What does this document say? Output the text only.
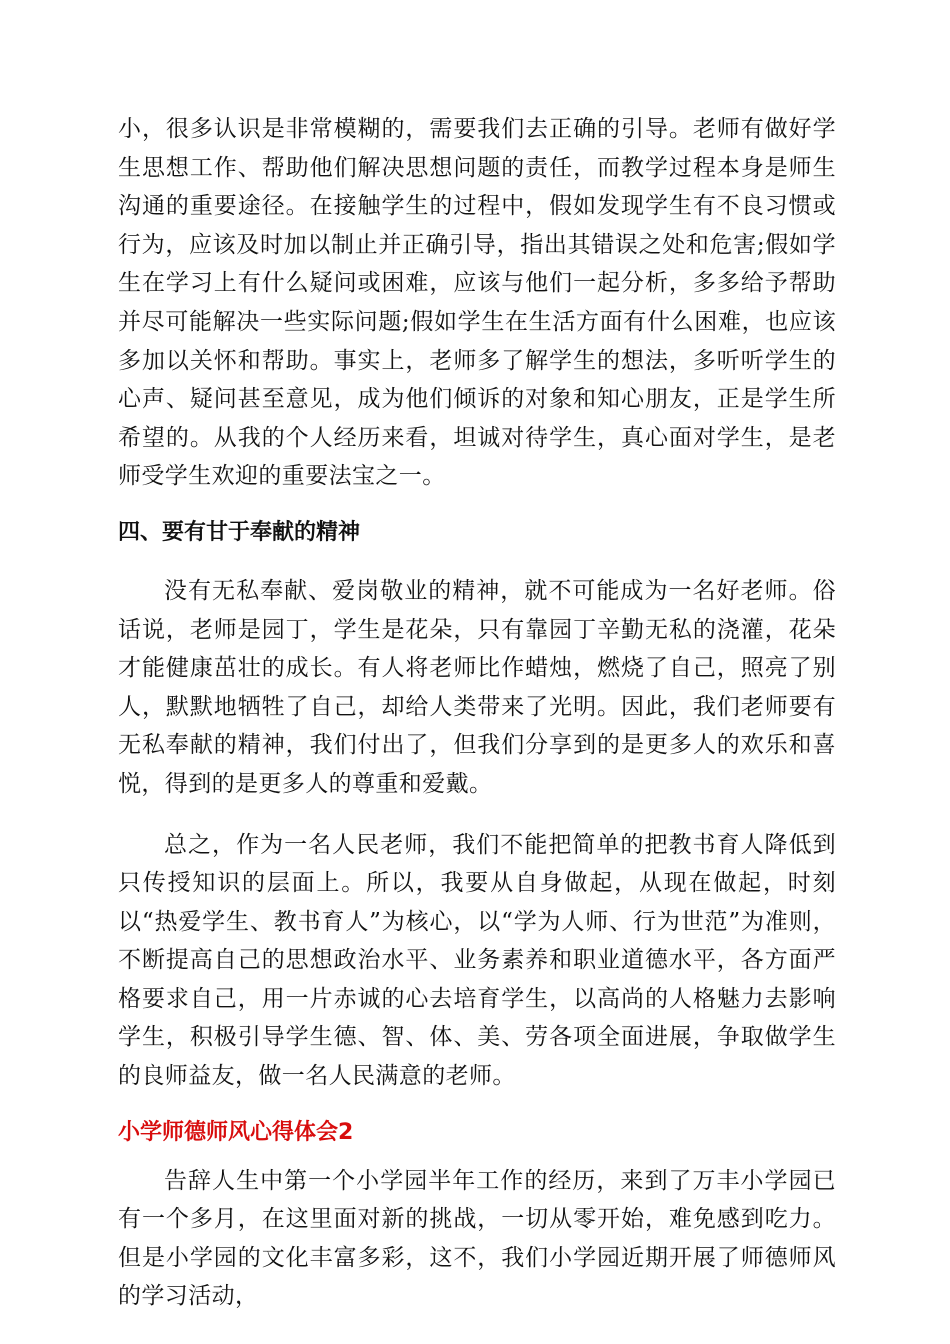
小，很多认识是非常模糊的，需要我们去正确的引导。老师有做好学生思想工作、帮助他们解决思想问题的责任，而教学过程本身是师生沟通的重要途径。在接触学生的过程中，假如发现学生有不良习惯或行为，应该及时加以制止并正确引导，指出其错误之处和危害;假如学生在学习上有什么疑问或困难，应该与他们一起分析，多多给予帮助并尽可能解决一些实际问题;假如学生在生活方面有什么困难，也应该多加以关怀和帮助。事实上，老师多了解学生的想法，多听听学生的心声、疑问甚至意见，成为他们倾诉的对象和知心朋友，正是学生所希望的。从我的个人经历来看，坦诚对待学生，真心面对学生，是老师受学生欢迎的重要法宝之一。

四、要有甘于奉献的精神

没有无私奉献、爱岗敬业的精神，就不可能成为一名好老师。俗话说，老师是园丁，学生是花朵，只有靠园丁辛勤无私的浇灌，花朵才能健康茁壮的成长。有人将老师比作蜡烛，燃烧了自己，照亮了别人，默默地牺牲了自己，却给人类带来了光明。因此，我们老师要有无私奉献的精神，我们付出了，但我们分享到的是更多人的欢乐和喜悦，得到的是更多人的尊重和爱戴。

总之，作为一名人民老师，我们不能把简单的把教书育人降低到只传授知识的层面上。所以，我要从自身做起，从现在做起，时刻以“热爱学生、教书育人”为核心，以“学为人师、行为世范”为准则，不断提高自己的思想政治水平、业务素养和职业道德水平，各方面严格要求自己，用一片赤诚的心去培育学生，以高尚的人格魅力去影响学生，积极引导学生德、智、体、美、劳各项全面进展，争取做学生的良师益友，做一名人民满意的老师。

小学师德师风心得体会2

告辞人生中第一个小学园半年工作的经历，来到了万丰小学园已有一个多月，在这里面对新的挑战，一切从零开始，难免感到吃力。但是小学园的文化丰富多彩，这不，我们小学园近期开展了师德师风的学习活动，
